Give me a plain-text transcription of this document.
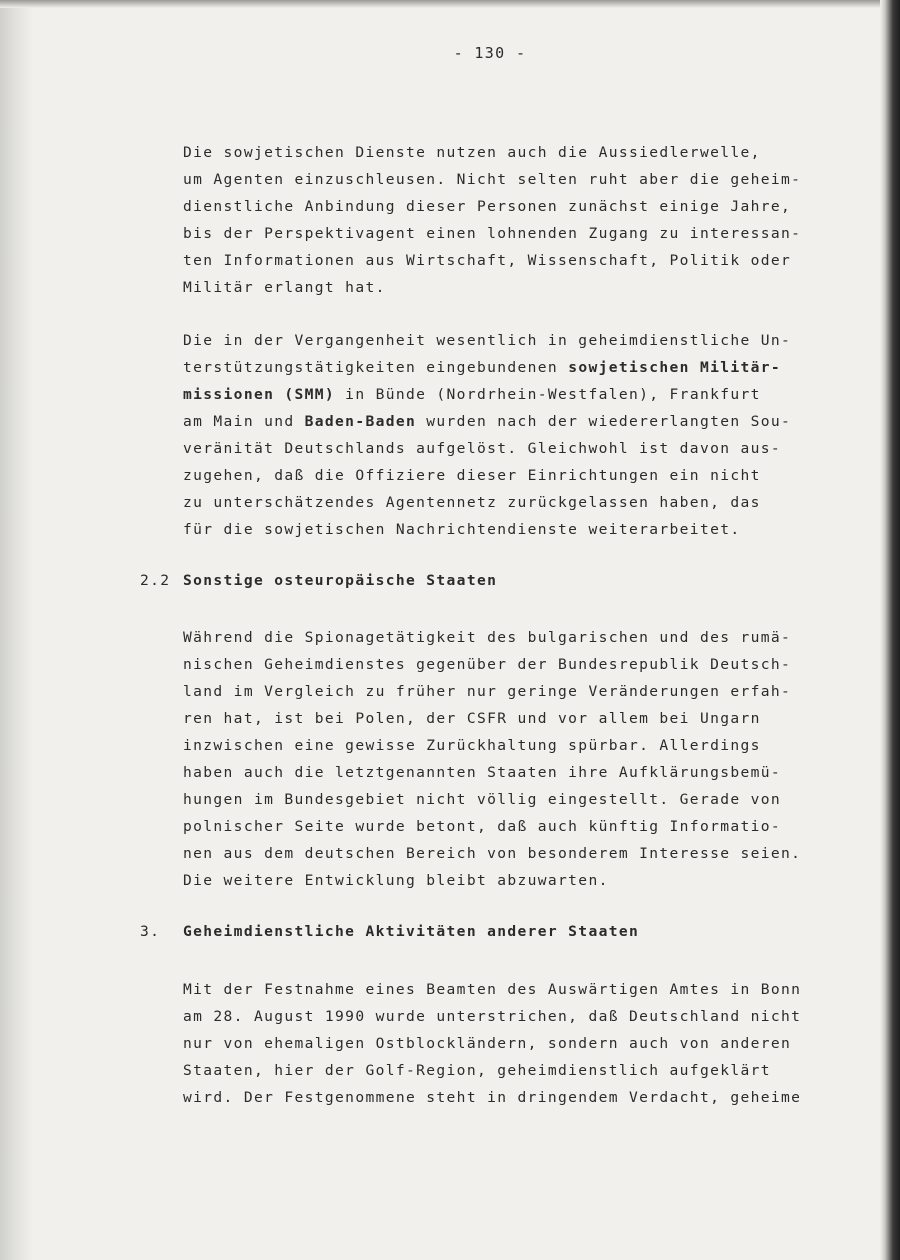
- 130 -

Die sowjetischen Dienste nutzen auch die Aussiedlerwelle,
um Agenten einzuschleusen. Nicht selten ruht aber die geheim-
dienstliche Anbindung dieser Personen zunächst einige Jahre,
bis der Perspektivagent einen lohnenden Zugang zu interessan-
ten Informationen aus Wirtschaft, Wissenschaft, Politik oder
Militär erlangt hat.

Die in der Vergangenheit wesentlich in geheimdienstliche Un-
terstützungstätigkeiten eingebundenen sowjetischen Militär-
missionen (SMM) in Bünde (Nordrhein-Westfalen), Frankfurt
am Main und Baden-Baden wurden nach der wiedererlangten Sou-
veränität Deutschlands aufgelöst. Gleichwohl ist davon aus-
zugehen, daß die Offiziere dieser Einrichtungen ein nicht
zu unterschätzendes Agentennetz zurückgelassen haben, das
für die sowjetischen Nachrichtendienste weiterarbeitet.

2.2 Sonstige osteuropäische Staaten

Während die Spionagetätigkeit des bulgarischen und des rumä-
nischen Geheimdienstes gegenüber der Bundesrepublik Deutsch-
land im Vergleich zu früher nur geringe Veränderungen erfah-
ren hat, ist bei Polen, der CSFR und vor allem bei Ungarn
inzwischen eine gewisse Zurückhaltung spürbar. Allerdings
haben auch die letztgenannten Staaten ihre Aufklärungsbemü-
hungen im Bundesgebiet nicht völlig eingestellt. Gerade von
polnischer Seite wurde betont, daß auch künftig Informatio-
nen aus dem deutschen Bereich von besonderem Interesse seien.
Die weitere Entwicklung bleibt abzuwarten.

3. Geheimdienstliche Aktivitäten anderer Staaten

Mit der Festnahme eines Beamten des Auswärtigen Amtes in Bonn
am 28. August 1990 wurde unterstrichen, daß Deutschland nicht
nur von ehemaligen Ostblockländern, sondern auch von anderen
Staaten, hier der Golf-Region, geheimdienstlich aufgeklärt
wird. Der Festgenommene steht in dringendem Verdacht, geheime
